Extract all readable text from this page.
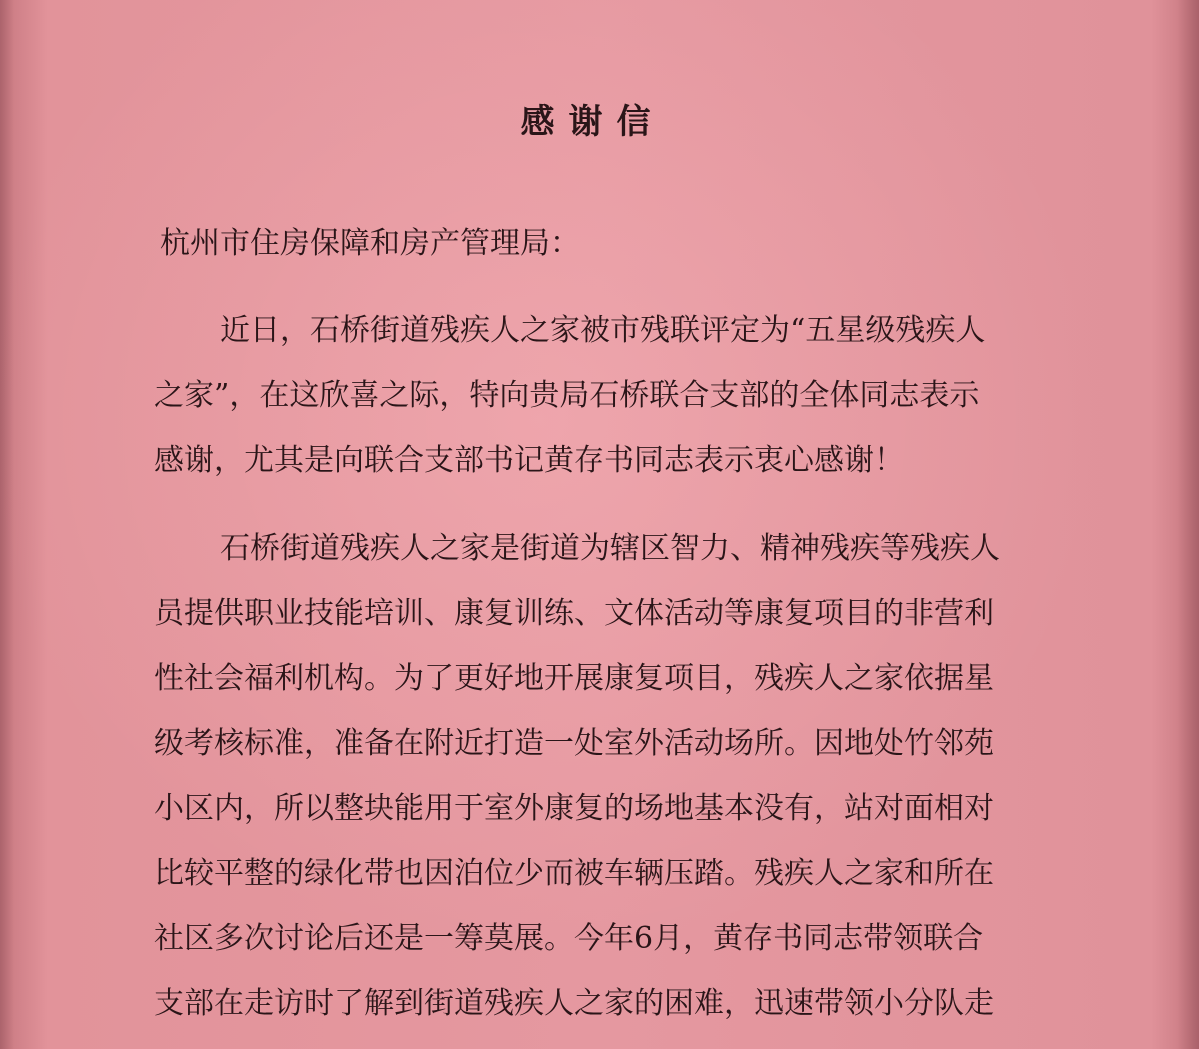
感谢信
杭州市住房保障和房产管理局：
近日，石桥街道残疾人之家被市残联评定为“五星级残疾人
之家”，在这欣喜之际，特向贵局石桥联合支部的全体同志表示
感谢，尤其是向联合支部书记黄存书同志表示衷心感谢！
石桥街道残疾人之家是街道为辖区智力、精神残疾等残疾人
员提供职业技能培训、康复训练、文体活动等康复项目的非营利
性社会福利机构。为了更好地开展康复项目，残疾人之家依据星
级考核标准，准备在附近打造一处室外活动场所。因地处竹邻苑
小区内，所以整块能用于室外康复的场地基本没有，站对面相对
比较平整的绿化带也因泊位少而被车辆压踏。残疾人之家和所在
社区多次讨论后还是一筹莫展。今年6月，黄存书同志带领联合
支部在走访时了解到街道残疾人之家的困难，迅速带领小分队走
